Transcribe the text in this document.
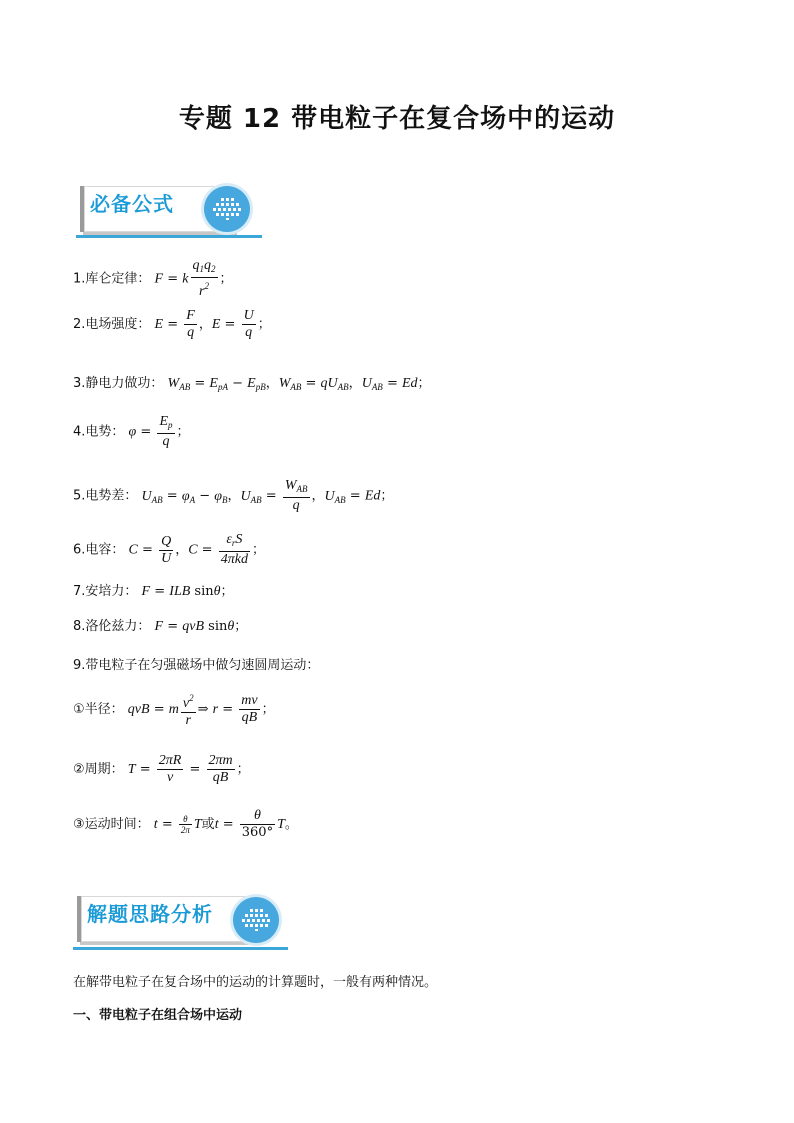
专题 12 带电粒子在复合场中的运动
必备公式
1.库仑定律： F = k $\frac{q_1q_2}{r^2}$ ；
2.电场强度： $E = \frac{F}{q}$ ，$E = \frac{U}{q}$ ；
3.静电力做功： $W_{AB} = E_{pA} - E_{pB}$，$W_{AB} = qU_{AB}$，$U_{AB} = Ed$；
4.电势： $\varphi = \frac{E_p}{q}$ ；
5.电势差： $U_{AB} = \varphi_A - \varphi_B$，$U_{AB} = \frac{W_{AB}}{q}$ ，$U_{AB} = Ed$；
6.电容： $C = \frac{Q}{U}$ ，$C = \frac{\varepsilon_rS}{\text{4πkd}}$ ；
7.安培力： F = ILB sinθ；
8.洛伦兹力： F = qvB sinθ；
9.带电粒子在匀强磁场中做匀速圆周运动：
①半径： qvB = m $\frac{v^2}{r}$ ⇒ $r = \frac{mv}{qB}$ ；
②周期： $T = \frac{2\pi R}{v} = \frac{2\pi m}{qB}$ ；
③运动时间： $t = \frac{\theta}{2\pi}$ T或$t = \frac{\theta}{360^\circ}$ T。
解题思路分析
在解带电粒子在复合场中的运动的计算题时，一般有两种情况。
一、带电粒子在组合场中运动
